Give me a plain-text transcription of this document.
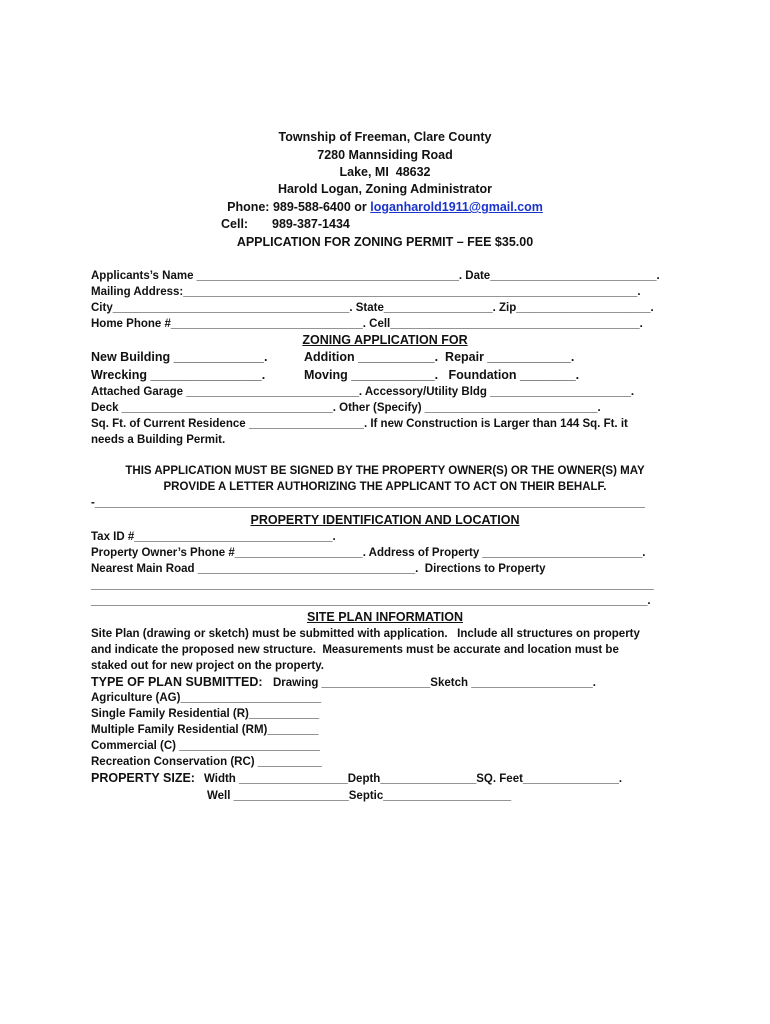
Township of Freeman, Clare County
7280 Mannsiding Road
Lake, MI  48632
Harold Logan, Zoning Administrator
Phone: 989-588-6400 or loganharold1911@gmail.com
Cell: 989-387-1434
APPLICATION FOR ZONING PERMIT – FEE $35.00
Applicants’s Name _________________________________________. Date__________________________.
Mailing Address:_______________________________________________________________________.
City_____________________________________. State_________________. Zip_____________________.
Home Phone #______________________________. Cell_______________________________________.
ZONING APPLICATION FOR
New Building _____________.	Addition ___________.  Repair ____________.
Wrecking ________________.	Moving ____________.   Foundation ________.
Attached Garage ___________________________. Accessory/Utility Bldg ______________________.
Deck _________________________________. Other (Specify) ___________________________.
Sq. Ft. of Current Residence __________________. If new Construction is Larger than 144 Sq. Ft. it
needs a Building Permit.
THIS APPLICATION MUST BE SIGNED BY THE PROPERTY OWNER(S) OR THE OWNER(S) MAY
PROVIDE A LETTER AUTHORIZING THE APPLICANT TO ACT ON THEIR BEHALF.
-______________________________________________________________________________________
PROPERTY IDENTIFICATION AND LOCATION
Tax ID #_______________________________.
Property Owner’s Phone #____________________. Address of Property _________________________.
Nearest Main Road __________________________________.  Directions to Property
________________________________________________________________________________________
_______________________________________________________________________________________.
SITE PLAN INFORMATION
Site Plan (drawing or sketch) must be submitted with application.   Include all structures on property
and indicate the proposed new structure.  Measurements must be accurate and location must be
staked out for new project on the property.
TYPE OF PLAN SUBMITTED: Drawing _________________Sketch ___________________.
Agriculture (AG)______________________
Single Family Residential (R)___________
Multiple Family Residential (RM)________
Commercial (C) ______________________
Recreation Conservation (RC) __________
PROPERTY SIZE: Width _________________Depth_______________SQ. Feet_______________.
Well __________________Septic____________________
